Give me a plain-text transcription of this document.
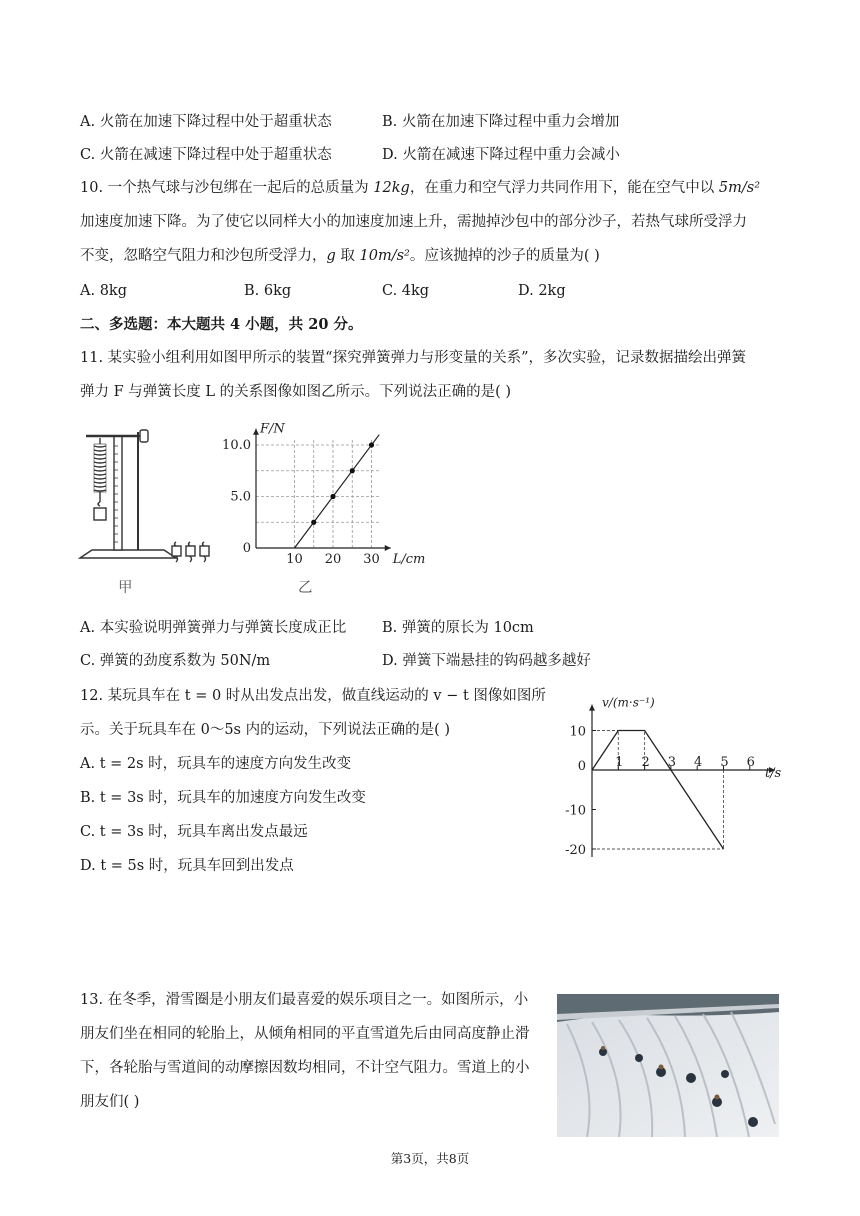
A. 火箭在加速下降过程中处于超重状态	B. 火箭在加速下降过程中重力会增加
C. 火箭在减速下降过程中处于超重状态	D. 火箭在减速下降过程中重力会减小
10. 一个热气球与沙包绑在一起后的总质量为 12kg，在重力和空气浮力共同作用下，能在空气中以 5m/s²
加速度加速下降。为了使它以同样大小的加速度加速上升，需抛掉沙包中的部分沙子，若热气球所受浮力
不变，忽略空气阻力和沙包所受浮力，g 取 10m/s²。应该抛掉的沙子的质量为( )
A. 8kg	B. 6kg	C. 4kg	D. 2kg
二、多选题：本大题共 4 小题，共 20 分。
11. 某实验小组利用如图甲所示的装置“探究弹簧弹力与形变量的关系”，多次实验，记录数据描绘出弹簧
弹力 F 与弹簧长度 L 的关系图像如图乙所示。下列说法正确的是( )
甲
10 20 30
0
5.0
10.0
L/cm
F/N
乙
A. 本实验说明弹簧弹力与弹簧长度成正比 B. 弹簧的原长为 10cm
C. 弹簧的劲度系数为 50N/m	D. 弹簧下端悬挂的钩码越多越好
12. 某玩具车在 t = 0 时从出发点出发，做直线运动的 v − t 图像如图所
示。关于玩具车在 0～5s 内的运动，下列说法正确的是( )
A. t = 2s 时，玩具车的速度方向发生改变
B. t = 3s 时，玩具车的加速度方向发生改变
C. t = 3s 时，玩具车离出发点最远
D. t = 5s 时，玩具车回到出发点
1 2 3 4 5 6
10
0
-10
-20
t/s
v/(m·s⁻¹)
13. 在冬季，滑雪圈是小朋友们最喜爱的娱乐项目之一。如图所示，小
朋友们坐在相同的轮胎上，从倾角相同的平直雪道先后由同高度静止滑
下，各轮胎与雪道间的动摩擦因数均相同，不计空气阻力。雪道上的小
朋友们( )
第3页，共8页
